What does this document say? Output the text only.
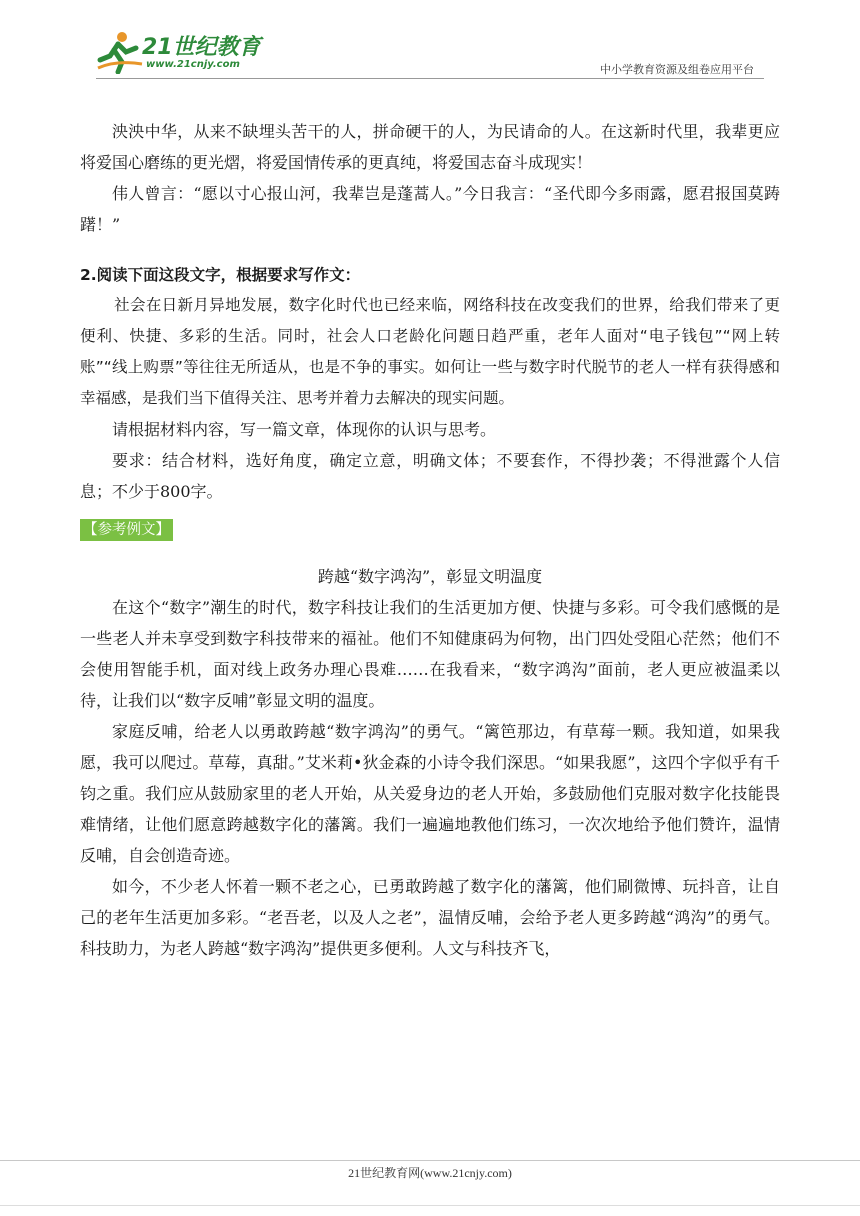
21世纪教育
www.21cnjy.com	中小学教育资源及组卷应用平台

泱泱中华，从来不缺埋头苦干的人，拼命硬干的人，为民请命的人。在这新时代里，我辈更应将爱国心磨练的更光熠，将爱国情传承的更真纯，将爱国志奋斗成现实！

伟人曾言：“愿以寸心报山河，我辈岂是蓬蒿人。”今日我言：“圣代即今多雨露，愿君报国莫踌躇！”

2.阅读下面这段文字，根据要求写作文：

社会在日新月异地发展，数字化时代也已经来临，网络科技在改变我们的世界，给我们带来了更便利、快捷、多彩的生活。同时，社会人口老龄化问题日趋严重，老年人面对“电子钱包”“网上转账”“线上购票”等往往无所适从，也是不争的事实。如何让一些与数字时代脱节的老人一样有获得感和幸福感，是我们当下值得关注、思考并着力去解决的现实问题。

请根据材料内容，写一篇文章，体现你的认识与思考。

要求：结合材料，选好角度，确定立意，明确文体；不要套作，不得抄袭；不得泄露个人信息；不少于800字。

【参考例文】

跨越“数字鸿沟”，彰显文明温度

在这个“数字”潮生的时代，数字科技让我们的生活更加方便、快捷与多彩。可令我们感慨的是一些老人并未享受到数字科技带来的福祉。他们不知健康码为何物，出门四处受阻心茫然；他们不会使用智能手机，面对线上政务办理心畏难……在我看来，“数字鸿沟”面前，老人更应被温柔以待，让我们以“数字反哺”彰显文明的温度。

家庭反哺，给老人以勇敢跨越“数字鸿沟”的勇气。“篱笆那边，有草莓一颗。我知道，如果我愿，我可以爬过。草莓，真甜。”艾米莉•狄金森的小诗令我们深思。“如果我愿”，这四个字似乎有千钧之重。我们应从鼓励家里的老人开始，从关爱身边的老人开始，多鼓励他们克服对数字化技能畏难情绪，让他们愿意跨越数字化的藩篱。我们一遍遍地教他们练习，一次次地给予他们赞许，温情反哺，自会创造奇迹。

如今，不少老人怀着一颗不老之心，已勇敢跨越了数字化的藩篱，他们刷微博、玩抖音，让自己的老年生活更加多彩。“老吾老，以及人之老”，温情反哺，会给予老人更多跨越“鸿沟”的勇气。科技助力，为老人跨越“数字鸿沟”提供更多便利。人文与科技齐飞，

21世纪教育网(www.21cnjy.com)
